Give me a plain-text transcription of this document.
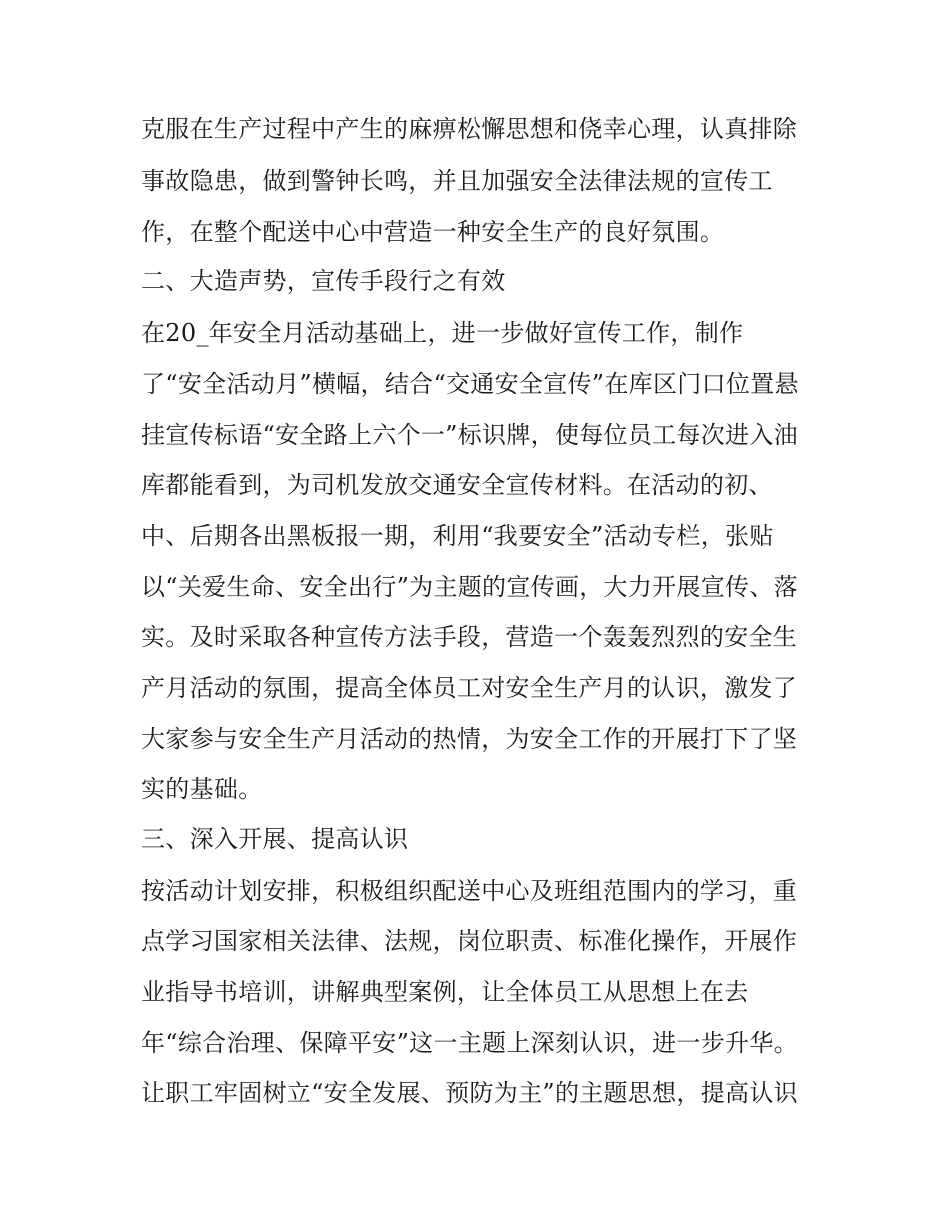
克服在生产过程中产生的麻痹松懈思想和侥幸心理，认真排除
事故隐患，做到警钟长鸣，并且加强安全法律法规的宣传工
作，在整个配送中心中营造一种安全生产的良好氛围。
二、大造声势，宣传手段行之有效
在20_年安全月活动基础上，进一步做好宣传工作，制作
了“安全活动月”横幅，结合“交通安全宣传”在库区门口位置悬
挂宣传标语“安全路上六个一”标识牌，使每位员工每次进入油
库都能看到，为司机发放交通安全宣传材料。在活动的初、
中、后期各出黑板报一期，利用“我要安全”活动专栏，张贴
以“关爱生命、安全出行”为主题的宣传画，大力开展宣传、落
实。及时采取各种宣传方法手段，营造一个轰轰烈烈的安全生
产月活动的氛围，提高全体员工对安全生产月的认识，激发了
大家参与安全生产月活动的热情，为安全工作的开展打下了坚
实的基础。
三、深入开展、提高认识
按活动计划安排，积极组织配送中心及班组范围内的学习，重
点学习国家相关法律、法规，岗位职责、标准化操作，开展作
业指导书培训，讲解典型案例，让全体员工从思想上在去
年“综合治理、保障平安”这一主题上深刻认识，进一步升华。
让职工牢固树立“安全发展、预防为主”的主题思想，提高认识
